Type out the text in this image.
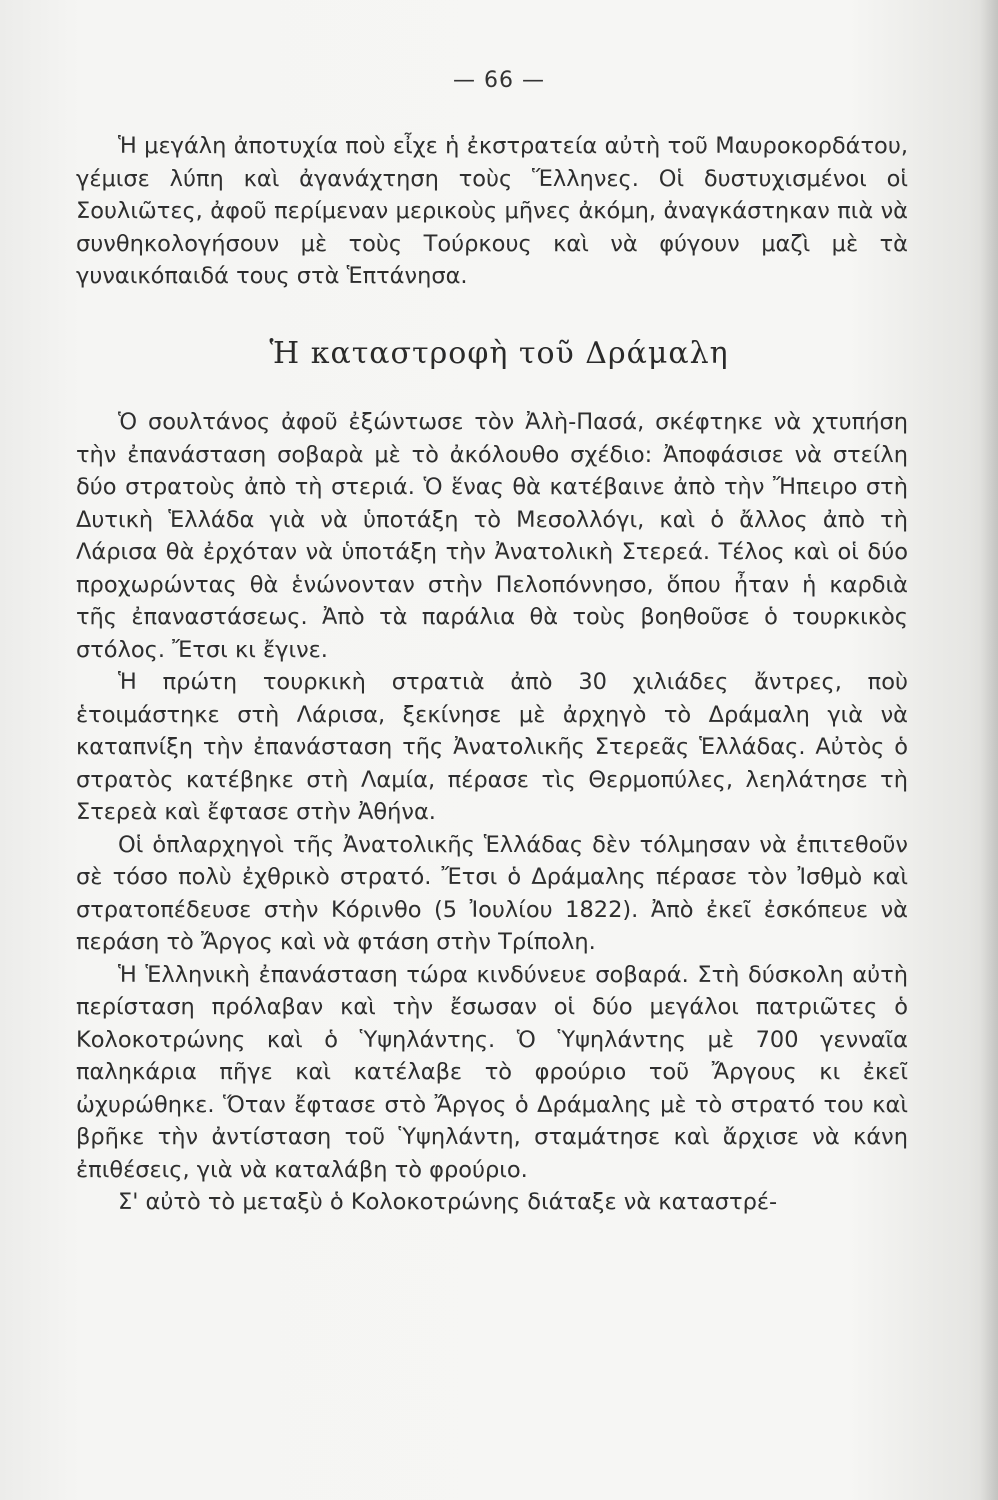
— 66 —

Ἡ μεγάλη ἀποτυχία ποὺ εἶχε ἡ ἐκστρατεία αὐτὴ τοῦ Μαυροκορδάτου, γέμισε λύπη καὶ ἀγανάχτηση τοὺς Ἕλληνες. Οἱ δυστυχισμένοι οἱ Σουλιῶτες, ἀφοῦ περίμεναν μερικοὺς μῆνες ἀκόμη, ἀναγκάστηκαν πιὰ νὰ συνθηκολογήσουν μὲ τοὺς Τούρκους καὶ νὰ φύγουν μαζὶ μὲ τὰ γυναικόπαιδά τους στὰ Ἑπτάνησα.

Ἡ καταστροφὴ τοῦ Δράμαλη

Ὁ σουλτάνος ἀφοῦ ἐξώντωσε τὸν Ἀλὴ-Πασά, σκέφτηκε νὰ χτυπήση τὴν ἐπανάσταση σοβαρὰ μὲ τὸ ἀκόλουθο σχέδιο: Ἀποφάσισε νὰ στείλη δύο στρατοὺς ἀπὸ τὴ στεριά. Ὁ ἕνας θὰ κατέβαινε ἀπὸ τὴν Ἤπειρο στὴ Δυτικὴ Ἑλλάδα γιὰ νὰ ὑποτάξη τὸ Μεσολλόγι, καὶ ὁ ἄλλος ἀπὸ τὴ Λάρισα θὰ ἐρχόταν νὰ ὑποτάξη τὴν Ἀνατολικὴ Στερεά. Τέλος καὶ οἱ δύο προχωρώντας θὰ ἑνώνονταν στὴν Πελοπόννησο, ὅπου ἦταν ἡ καρδιὰ τῆς ἐπαναστάσεως. Ἀπὸ τὰ παράλια θὰ τοὺς βοηθοῦσε ὁ τουρκικὸς στόλος. Ἔτσι κι ἔγινε.

Ἡ πρώτη τουρκικὴ στρατιὰ ἀπὸ 30 χιλιάδες ἄντρες, ποὺ ἑτοιμάστηκε στὴ Λάρισα, ξεκίνησε μὲ ἀρχηγὸ τὸ Δράμαλη γιὰ νὰ καταπνίξη τὴν ἐπανάσταση τῆς Ἀνατολικῆς Στερεᾶς Ἑλλάδας. Αὐτὸς ὁ στρατὸς κατέβηκε στὴ Λαμία, πέρασε τὶς Θερμοπύλες, λεηλάτησε τὴ Στερεὰ καὶ ἔφτασε στὴν Ἀθήνα.

Οἱ ὁπλαρχηγοὶ τῆς Ἀνατολικῆς Ἑλλάδας δὲν τόλμησαν νὰ ἐπιτεθοῦν σὲ τόσο πολὺ ἐχθρικὸ στρατό. Ἔτσι ὁ Δράμαλης πέρασε τὸν Ἰσθμὸ καὶ στρατοπέδευσε στὴν Κόρινθο (5 Ἰουλίου 1822). Ἀπὸ ἐκεῖ ἐσκόπευε νὰ περάση τὸ Ἄργος καὶ νὰ φτάση στὴν Τρίπολη.

Ἡ Ἑλληνικὴ ἐπανάσταση τώρα κινδύνευε σοβαρά. Στὴ δύσκολη αὐτὴ περίσταση πρόλαβαν καὶ τὴν ἔσωσαν οἱ δύο μεγάλοι πατριῶτες ὁ Κολοκοτρώνης καὶ ὁ Ὑψηλάντης. Ὁ Ὑψηλάντης μὲ 700 γενναῖα παληκάρια πῆγε καὶ κατέλαβε τὸ φρούριο τοῦ Ἄργους κι ἐκεῖ ὠχυρώθηκε. Ὅταν ἔφτασε στὸ Ἄργος ὁ Δράμαλης μὲ τὸ στρατό του καὶ βρῆκε τὴν ἀντίσταση τοῦ Ὑψηλάντη, σταμάτησε καὶ ἄρχισε νὰ κάνη ἐπιθέσεις, γιὰ νὰ καταλάβη τὸ φρούριο.

Σ' αὐτὸ τὸ μεταξὺ ὁ Κολοκοτρώνης διάταξε νὰ καταστρέ-
